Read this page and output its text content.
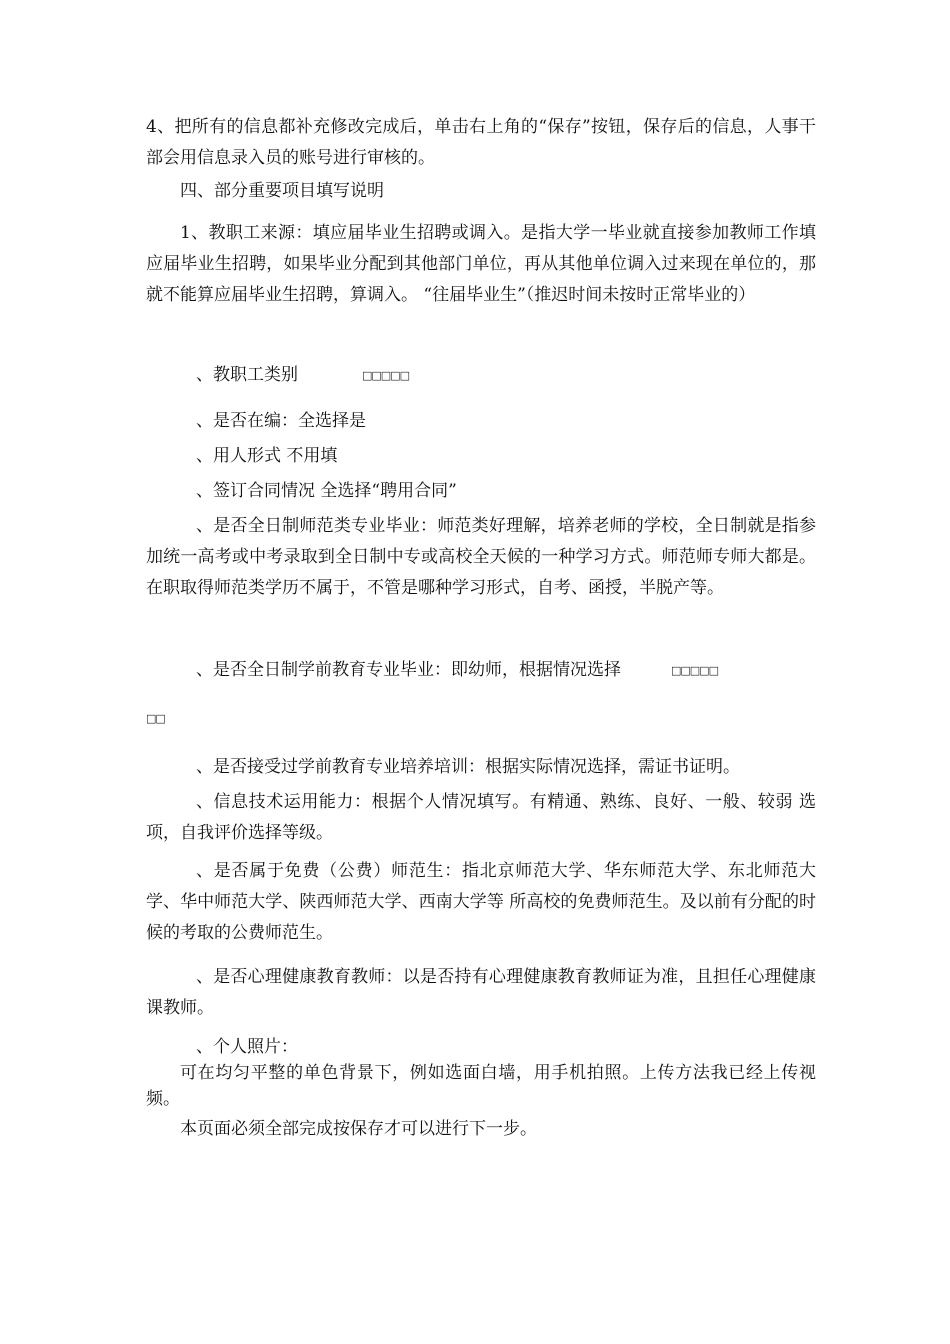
4、把所有的信息都补充修改完成后，单击右上角的“保存”按钮，保存后的信息，人事干部会用信息录入员的账号进行审核的。
四、部分重要项目填写说明
1、教职工来源：填应届毕业生招聘或调入。是指大学一毕业就直接参加教师工作填应届毕业生招聘，如果毕业分配到其他部门单位，再从其他单位调入过来现在单位的，那就不能算应届毕业生招聘，算调入。 “往届毕业生”（推迟时间未按时正常毕业的）
、教职工类别	□□□□□
、是否在编：全选择是
、用人形式 不用填
、签订合同情况 全选择“聘用合同”
、是否全日制师范类专业毕业：师范类好理解，培养老师的学校，全日制就是指参加统一高考或中考录取到全日制中专或高校全天候的一种学习方式。师范师专师大都是。在职取得师范类学历不属于，不管是哪种学习形式，自考、函授，半脱产等。
、是否全日制学前教育专业毕业：即幼师，根据情况选择	□□□□□
□□
、是否接受过学前教育专业培养培训：根据实际情况选择，需证书证明。
、信息技术运用能力：根据个人情况填写。有精通、熟练、良好、一般、较弱 选项，自我评价选择等级。
、是否属于免费（公费）师范生：指北京师范大学、华东师范大学、东北师范大学、华中师范大学、陕西师范大学、西南大学等 所高校的免费师范生。及以前有分配的时候的考取的公费师范生。
、是否心理健康教育教师：以是否持有心理健康教育教师证为准，且担任心理健康课教师。
、个人照片：
可在均匀平整的单色背景下，例如选面白墙，用手机拍照。上传方法我已经上传视频。
本页面必须全部完成按保存才可以进行下一步。
